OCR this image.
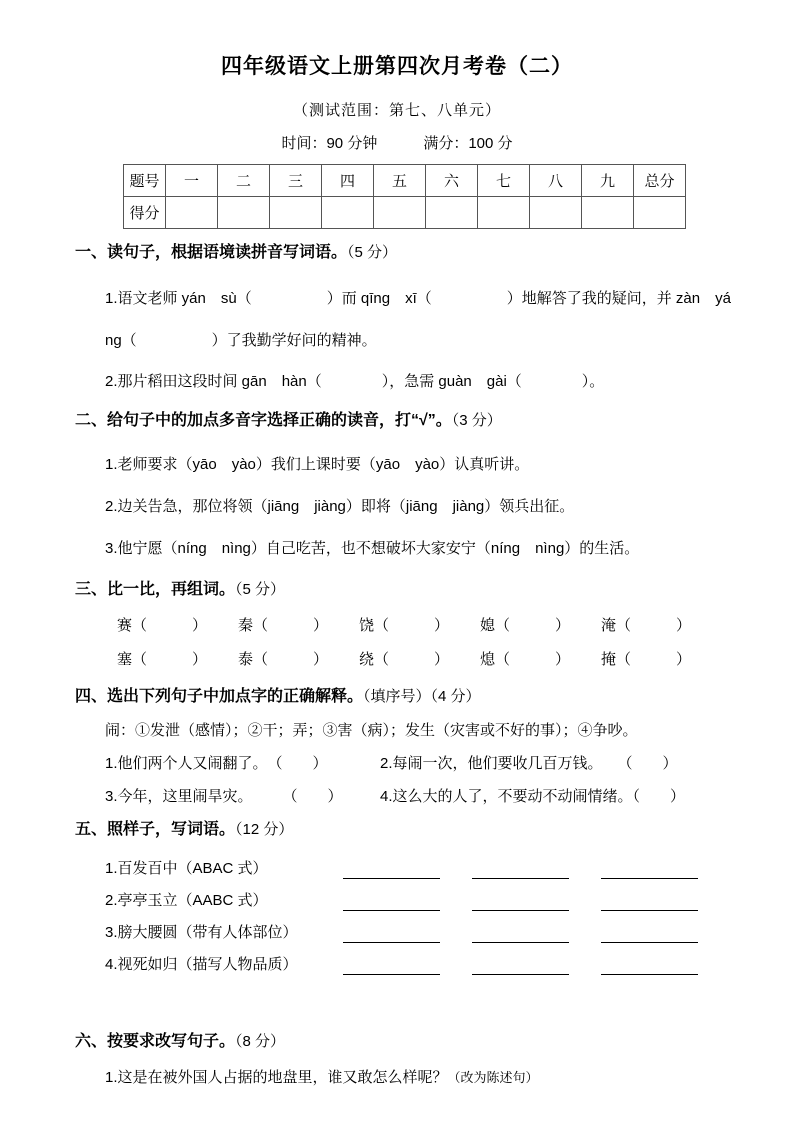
四年级语文上册第四次月考卷（二）
（测试范围：第七、八单元）
时间：90 分钟	满分：100 分
题号	一	二	三	四	五	六	七	八	九	总分
得分										
一、读句子，根据语境读拼音写词语。（5 分）
1.语文老师 yán　sù（　　　　　）而 qīng　xī（　　　　　）地解答了我的疑问，并 zàn　yá
ng（　　　　　）了我勤学好问的精神。
2.那片稻田这段时间 gān　hàn（　　　　），急需 guàn　gài（　　　　）。
二、给句子中的加点多音字选择正确的读音，打“√”。（3 分）
1.老师要求（yāo　yào）我们上课时要（yāo　yào）认真听讲。
2.边关告急，那位将领（jiāng　jiàng）即将（jiāng　jiàng）领兵出征。
3.他宁愿（níng　nìng）自己吃苦，也不想破坏大家安宁（níng　nìng）的生活。
三、比一比，再组词。（5 分）
赛（　　　）	秦（　　　）	饶（　　　）	媳（　　　）	淹（　　　）
塞（　　　）	泰（　　　）	绕（　　　）	熄（　　　）	掩（　　　）
四、选出下列句子中加点字的正确解释。（填序号）（4 分）
闹：①发泄（感情）；②干；弄；③害（病）；发生（灾害或不好的事）；④争吵。
1.他们两个人又闹翻了。　（　　）	2.每闹一次，他们要收几百万钱。　　（　　）
3.今年，这里闹旱灾。　　　（　　）	4.这么大的人了，不要动不动闹情绪。（　　）
五、照样子，写词语。（12 分）
1.百发百中（ABAC 式）
2.亭亭玉立（AABC 式）
3.膀大腰圆（带有人体部位）
4.视死如归（描写人物品质）
六、按要求改写句子。（8 分）
1.这是在被外国人占据的地盘里，谁又敢怎么样呢？（改为陈述句）
